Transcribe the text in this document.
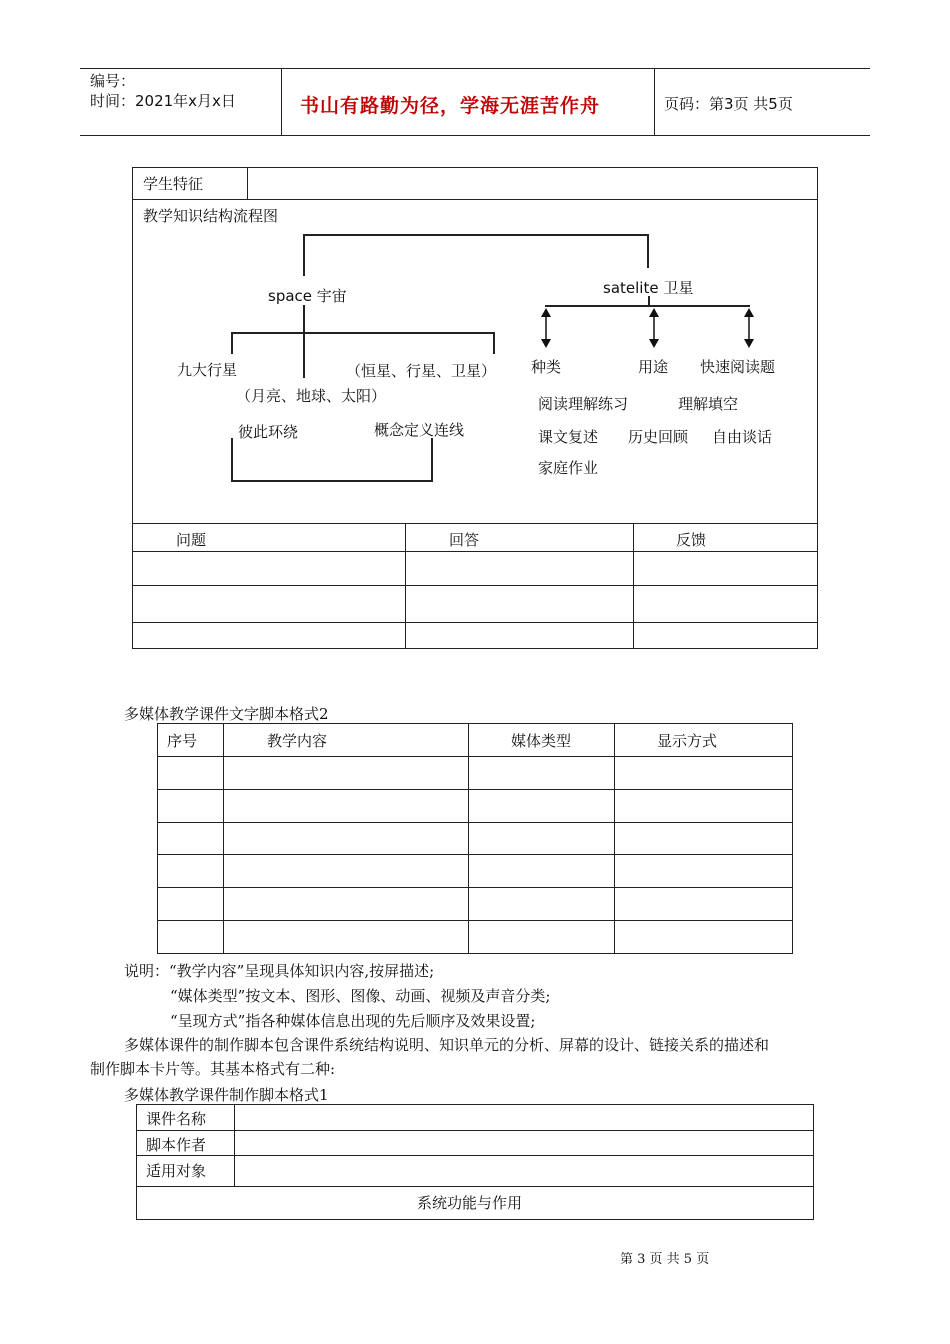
编号：
时间：2021年x月x日	书山有路勤为径，学海无涯苦作舟	页码：第3页 共5页
学生特征
教学知识结构流程图
space 宇宙	satelite 卫星
九大行星	（恒星、行星、卫星）
（月亮、地球、太阳）
彼此环绕	概念定义连线
种类	用途 快速阅读题
阅读理解练习	理解填空
课文复述 历史回顾 自由谈话
家庭作业
问题	回答	反馈
多媒体教学课件文字脚本格式2
序号	教学内容	媒体类型	显示方式
说明：“教学内容”呈现具体知识内容,按屏描述;
“媒体类型”按文本、图形、图像、动画、视频及声音分类;
“呈现方式”指各种媒体信息出现的先后顺序及效果设置;
多媒体课件的制作脚本包含课件系统结构说明、知识单元的分析、屏幕的设计、链接关系的描述和
制作脚本卡片等。其基本格式有二种:
多媒体教学课件制作脚本格式1
课件名称
脚本作者
适用对象
系统功能与作用
第 3 页 共 5 页
